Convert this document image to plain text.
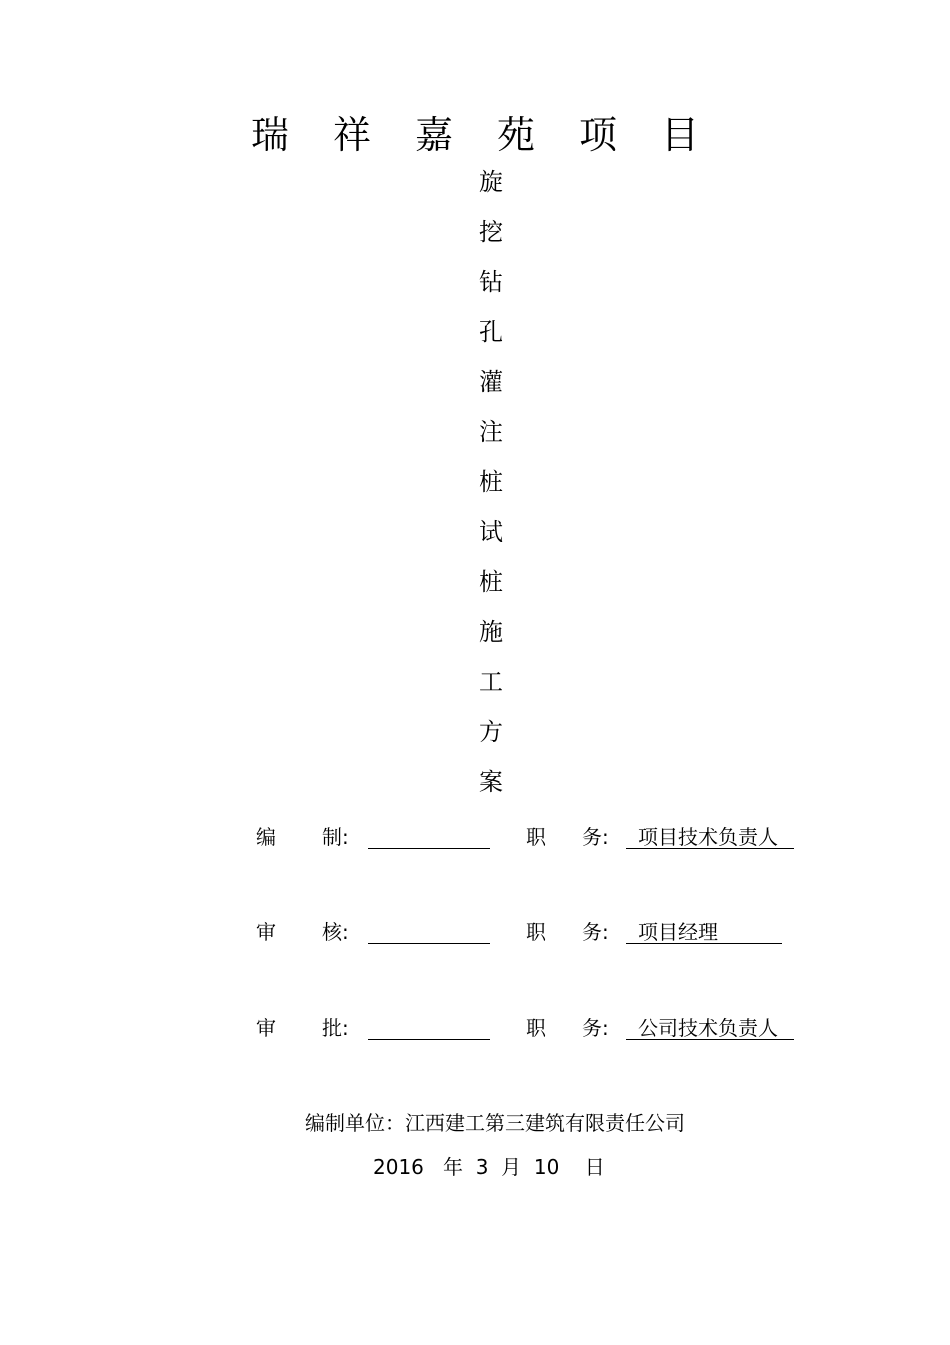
瑞 祥 嘉 苑 项 目
旋
挖
钻
孔
灌
注
桩
试
桩
施
工
方
案
编 制:	职 务: 项目技术负责人
审 核:	职 务: 项目经理
审 批:	职 务: 公司技术负责人
编制单位：江西建工第三建筑有限责任公司
2016 年 3 月 10 日
